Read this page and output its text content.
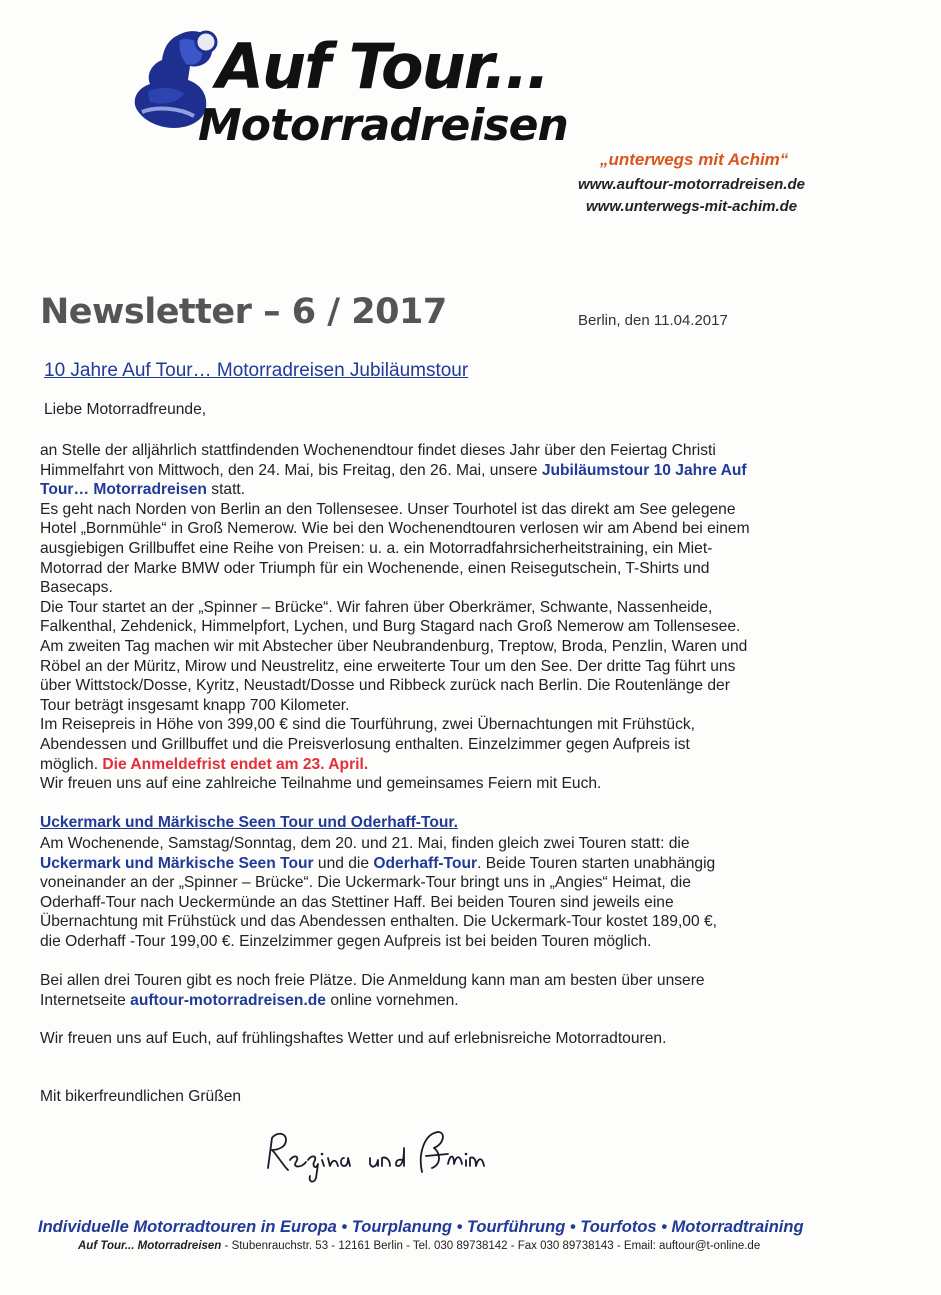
Auf Tour...
Motorradreisen
„unterwegs mit Achim“
www.auftour-motorradreisen.de
www.unterwegs-mit-achim.de
Newsletter – 6 / 2017	Berlin, den 11.04.2017
10 Jahre Auf Tour… Motorradreisen Jubiläumstour
Liebe Motorradfreunde,
an Stelle der alljährlich stattfindenden Wochenendtour findet dieses Jahr über den Feiertag Christi
Himmelfahrt von Mittwoch, den 24. Mai, bis Freitag, den 26. Mai, unsere Jubiläumstour 10 Jahre Auf
Tour… Motorradreisen statt.
Es geht nach Norden von Berlin an den Tollensesee. Unser Tourhotel ist das direkt am See gelegene
Hotel „Bornmühle“ in Groß Nemerow. Wie bei den Wochenendtouren verlosen wir am Abend bei einem
ausgiebigen Grillbuffet eine Reihe von Preisen: u. a. ein Motorradfahrsicherheitstraining, ein Miet-
Motorrad der Marke BMW oder Triumph für ein Wochenende, einen Reisegutschein, T-Shirts und
Basecaps.
Die Tour startet an der „Spinner – Brücke“. Wir fahren über Oberkrämer, Schwante, Nassenheide,
Falkenthal, Zehdenick, Himmelpfort, Lychen, und Burg Stagard nach Groß Nemerow am Tollensesee.
Am zweiten Tag machen wir mit Abstecher über Neubrandenburg, Treptow, Broda, Penzlin, Waren und
Röbel an der Müritz, Mirow und Neustrelitz, eine erweiterte Tour um den See. Der dritte Tag führt uns
über Wittstock/Dosse, Kyritz, Neustadt/Dosse und Ribbeck zurück nach Berlin. Die Routenlänge der
Tour beträgt insgesamt knapp 700 Kilometer.
Im Reisepreis in Höhe von 399,00 € sind die Tourführung, zwei Übernachtungen mit Frühstück,
Abendessen und Grillbuffet und die Preisverlosung enthalten. Einzelzimmer gegen Aufpreis ist
möglich. Die Anmeldefrist endet am 23. April.
Wir freuen uns auf eine zahlreiche Teilnahme und gemeinsames Feiern mit Euch.
Uckermark und Märkische Seen Tour und Oderhaff-Tour.
Am Wochenende, Samstag/Sonntag, dem 20. und 21. Mai, finden gleich zwei Touren statt: die
Uckermark und Märkische Seen Tour und die Oderhaff-Tour. Beide Touren starten unabhängig
voneinander an der „Spinner – Brücke“. Die Uckermark-Tour bringt uns in „Angies“ Heimat, die
Oderhaff-Tour nach Ueckermünde an das Stettiner Haff. Bei beiden Touren sind jeweils eine
Übernachtung mit Frühstück und das Abendessen enthalten. Die Uckermark-Tour kostet 189,00 €,
die Oderhaff -Tour 199,00 €. Einzelzimmer gegen Aufpreis ist bei beiden Touren möglich.
Bei allen drei Touren gibt es noch freie Plätze. Die Anmeldung kann man am besten über unsere
Internetseite auftour-motorradreisen.de online vornehmen.
Wir freuen uns auf Euch, auf frühlingshaftes Wetter und auf erlebnisreiche Motorradtouren.
Mit bikerfreundlichen Grüßen
Individuelle Motorradtouren in Europa • Tourplanung • Tourführung • Tourfotos • Motorradtraining
Auf Tour... Motorradreisen - Stubenrauchstr. 53 - 12161 Berlin - Tel. 030 89738142 - Fax 030 89738143 - Email: auftour@t-online.de
